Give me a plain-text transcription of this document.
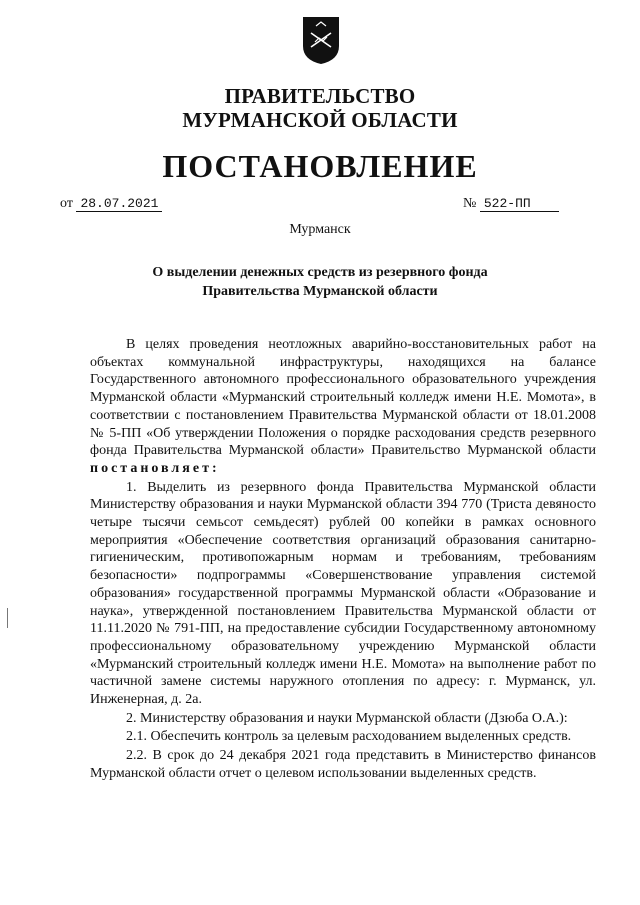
ПРАВИТЕЛЬСТВО
МУРМАНСКОЙ ОБЛАСТИ
ПОСТАНОВЛЕНИЕ
от 28.07.2021	№ 522-ПП
Мурманск
О выделении денежных средств из резервного фонда
Правительства Мурманской области

В целях проведения неотложных аварийно-восстановительных работ на объектах коммунальной инфраструктуры, находящихся на балансе Государственного автономного профессионального образовательного учреждения Мурманской области «Мурманский строительный колледж имени Н.Е. Момота», в соответствии с постановлением Правительства Мурманской области от 18.01.2008 № 5-ПП «Об утверждении Положения о порядке расходования средств резервного фонда Правительства Мурманской области» Правительство Мурманской области постановляет:

1. Выделить из резервного фонда Правительства Мурманской области Министерству образования и науки Мурманской области 394 770 (Триста девяносто четыре тысячи семьсот семьдесят) рублей 00 копейки в рамках основного мероприятия «Обеспечение соответствия организаций образования санитарно-гигиеническим, противопожарным нормам и требованиям, требованиям безопасности» подпрограммы «Совершенствование управления системой образования» государственной программы Мурманской области «Образование и наука», утвержденной постановлением Правительства Мурманской области от 11.11.2020 № 791-ПП, на предоставление субсидии Государственному автономному профессиональному образовательному учреждению Мурманской области «Мурманский строительный колледж имени Н.Е. Момота» на выполнение работ по частичной замене системы наружного отопления по адресу: г. Мурманск, ул. Инженерная, д. 2а.

2. Министерству образования и науки Мурманской области (Дзюба О.А.):

2.1. Обеспечить контроль за целевым расходованием выделенных средств.

2.2. В срок до 24 декабря 2021 года представить в Министерство финансов Мурманской области отчет о целевом использовании выделенных средств.
